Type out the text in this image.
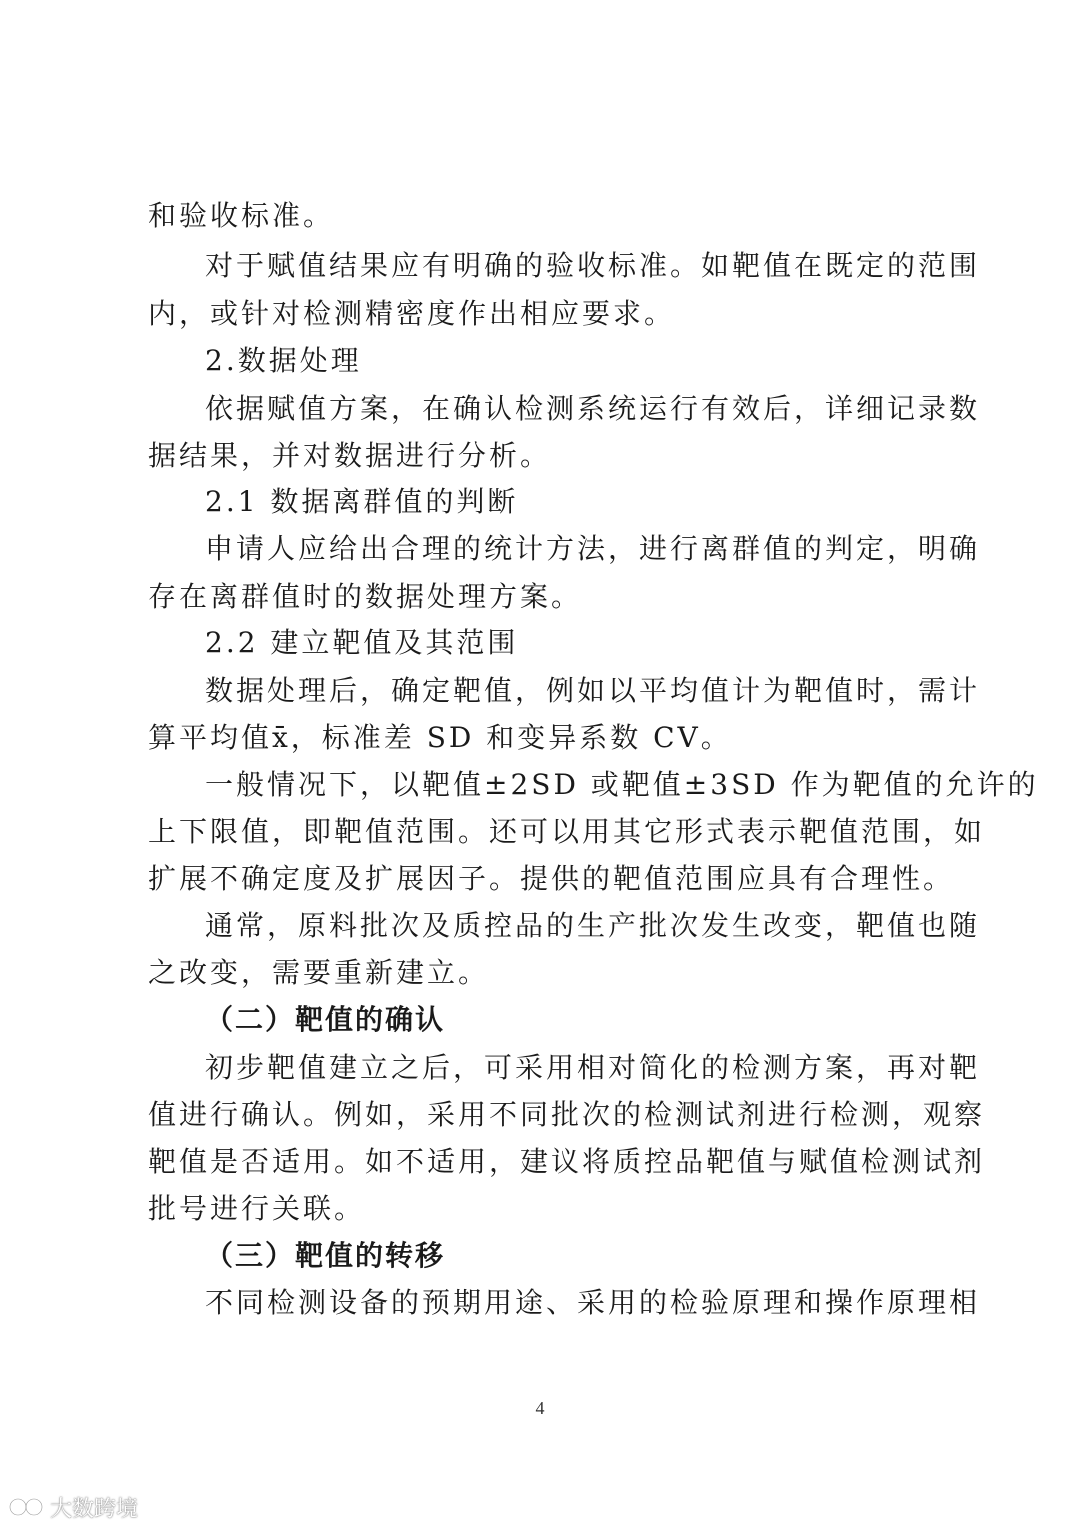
和验收标准。
对于赋值结果应有明确的验收标准。如靶值在既定的范围
内，或针对检测精密度作出相应要求。
2.数据处理
依据赋值方案，在确认检测系统运行有效后，详细记录数
据结果，并对数据进行分析。
2.1 数据离群值的判断
申请人应给出合理的统计方法，进行离群值的判定，明确
存在离群值时的数据处理方案。
2.2 建立靶值及其范围
数据处理后，确定靶值，例如以平均值计为靶值时，需计
算平均值x̄，标准差 SD 和变异系数 CV。
一般情况下，以靶值±2SD 或靶值±3SD 作为靶值的允许的
上下限值，即靶值范围。还可以用其它形式表示靶值范围，如
扩展不确定度及扩展因子。提供的靶值范围应具有合理性。
通常，原料批次及质控品的生产批次发生改变，靶值也随
之改变，需要重新建立。
（二）靶值的确认
初步靶值建立之后，可采用相对简化的检测方案，再对靶
值进行确认。例如，采用不同批次的检测试剂进行检测，观察
靶值是否适用。如不适用，建议将质控品靶值与赋值检测试剂
批号进行关联。
（三）靶值的转移
不同检测设备的预期用途、采用的检验原理和操作原理相
4
大数跨境
